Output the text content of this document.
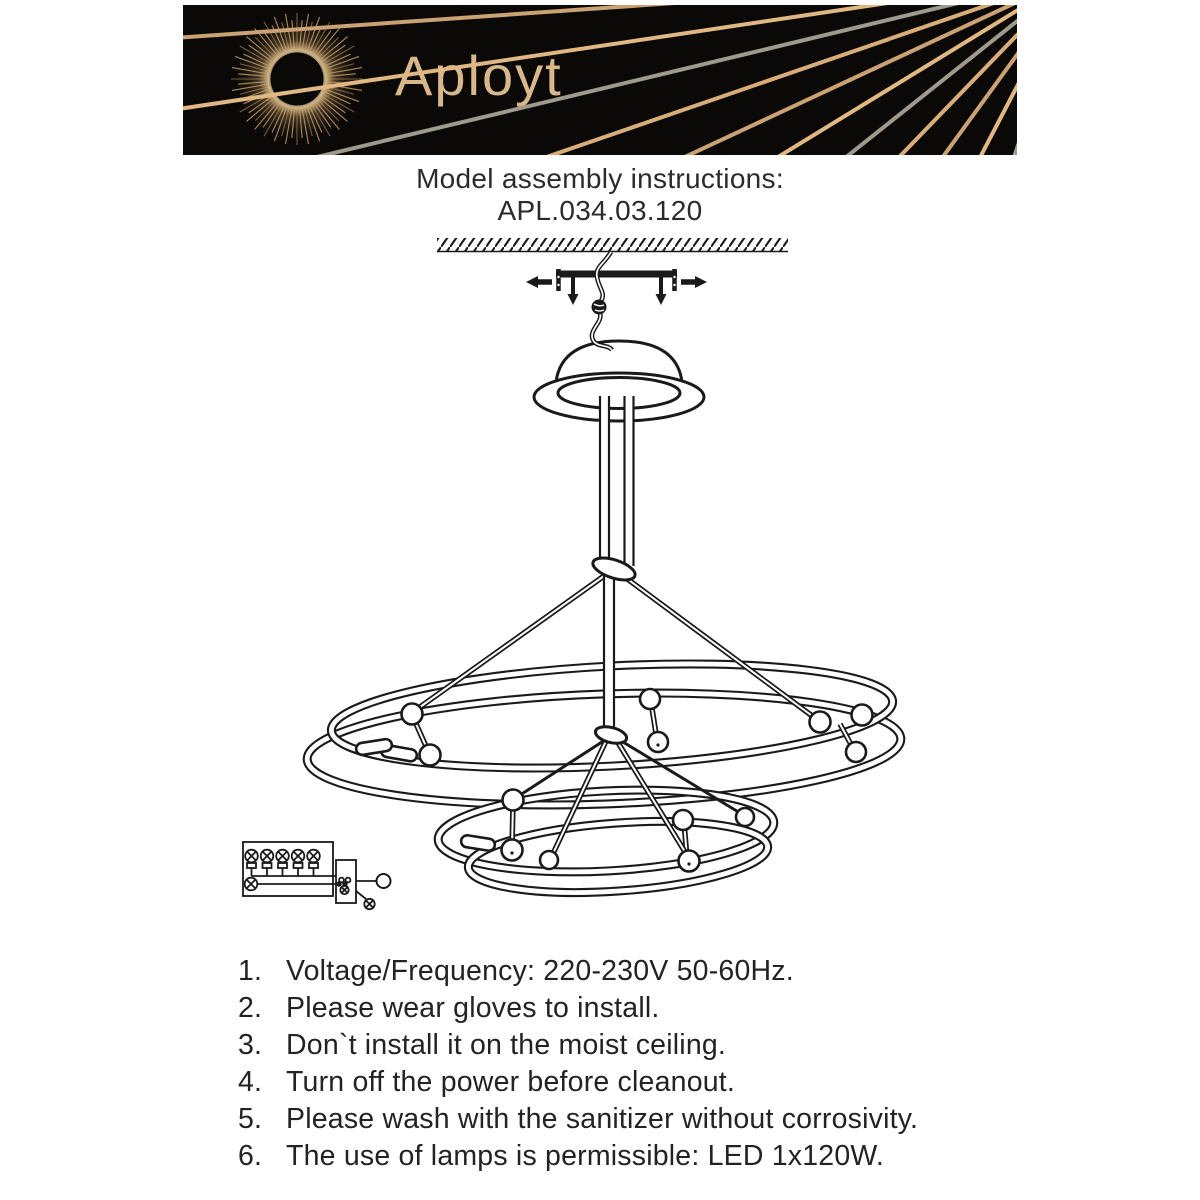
Aployt
Model assembly instructions:
APL.034.03.120
1. Voltage/Frequency: 220-230V 50-60Hz.
2. Please wear gloves to install.
3. Don`t install it on the moist ceiling.
4. Turn off the power before cleanout.
5. Please wash with the sanitizer without corrosivity.
6. The use of lamps is permissible: LED 1x120W.
